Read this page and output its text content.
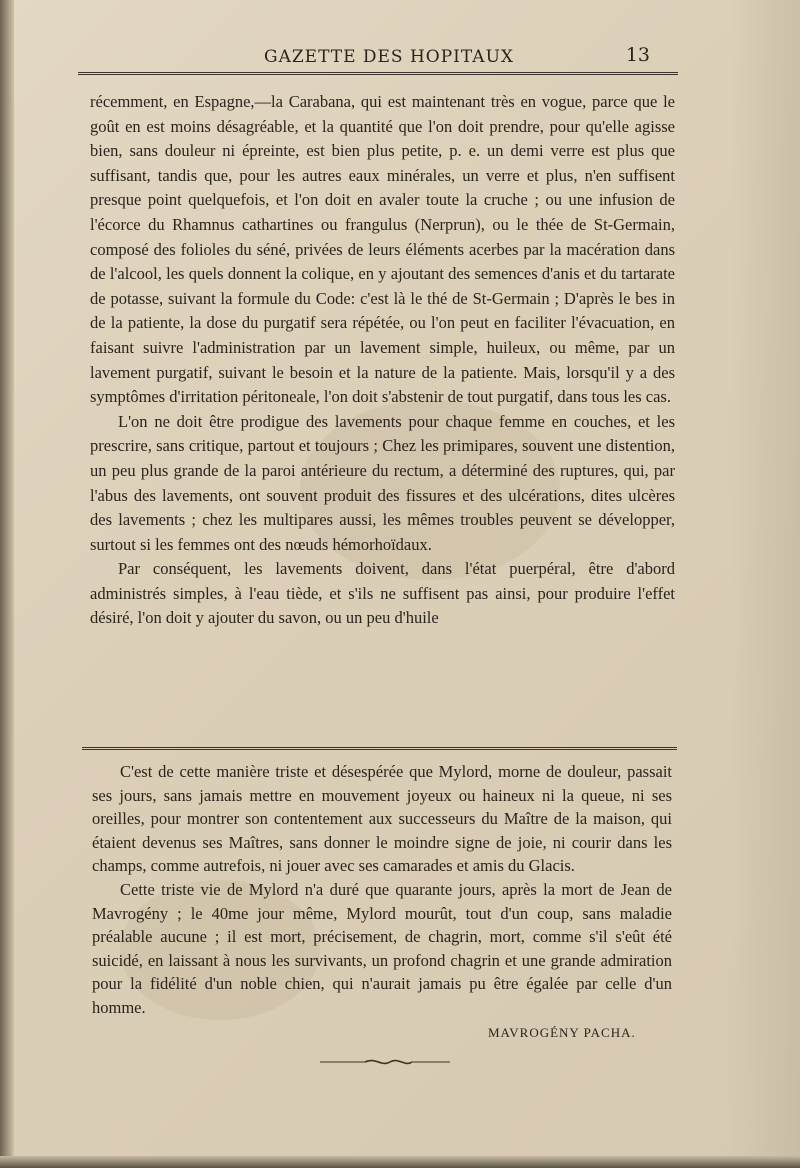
GAZETTE DES HOPITAUX	13

récemment, en Espagne,—la Carabana, qui est maintenant très en vogue, parce que le goût en est moins désagréable, et la quantité que l'on doit prendre, pour qu'elle agisse bien, sans douleur ni épreinte, est bien plus petite, p. e. un demi verre est plus que suffisant, tandis que, pour les autres eaux minérales, un verre et plus, n'en suffisent presque point quelquefois, et l'on doit en avaler toute la cruche ; ou une infusion de l'écorce du Rhamnus cathartines ou frangulus (Nerprun), ou le thée de St-Germain, composé des folioles du séné, privées de leurs éléments acerbes par la macération dans de l'alcool, les quels donnent la colique, en y ajoutant des semences d'anis et du tartarate de potasse, suivant la formule du Code: c'est là le thé de St-Germain ; D'après le bes in de la patiente, la dose du purgatif sera répétée, ou l'on peut en faciliter l'évacuation, en faisant suivre l'administration par un lavement simple, huileux, ou même, par un lavement purgatif, suivant le besoin et la nature de la patiente. Mais, lorsqu'il y a des symptômes d'irritation péritoneale, l'on doit s'abstenir de tout purgatif, dans tous les cas.

L'on ne doit être prodigue des lavements pour chaque femme en couches, et les prescrire, sans critique, partout et toujours ; Chez les primipares, souvent une distention, un peu plus grande de la paroi antérieure du rectum, a déterminé des ruptures, qui, par l'abus des lavements, ont souvent produit des fissures et des ulcérations, dites ulcères des lavements ; chez les multipares aussi, les mêmes troubles peuvent se développer, surtout si les femmes ont des nœuds hémorhoïdaux.

Par conséquent, les lavements doivent, dans l'état puerpéral, être d'abord administrés simples, à l'eau tiède, et s'ils ne suffisent pas ainsi, pour produire l'effet désiré, l'on doit y ajouter du savon, ou un peu d'huile

C'est de cette manière triste et désespérée que Mylord, morne de douleur, passait ses jours, sans jamais mettre en mouvement joyeux ou haineux ni la queue, ni ses oreilles, pour montrer son contentement aux successeurs du Maître de la maison, qui étaient devenus ses Maîtres, sans donner le moindre signe de joie, ni courir dans les champs, comme autrefois, ni jouer avec ses camarades et amis du Glacis.

Cette triste vie de Mylord n'a duré que quarante jours, après la mort de Jean de Mavrogény ; le 40me jour même, Mylord mourût, tout d'un coup, sans maladie préalable aucune ; il est mort, précisement, de chagrin, mort, comme s'il s'eût été suicidé, en laissant à nous les survivants, un profond chagrin et une grande admiration pour la fidélité d'un noble chien, qui n'aurait jamais pu être égalée par celle d'un homme.

MAVROGÉNY PACHA.
